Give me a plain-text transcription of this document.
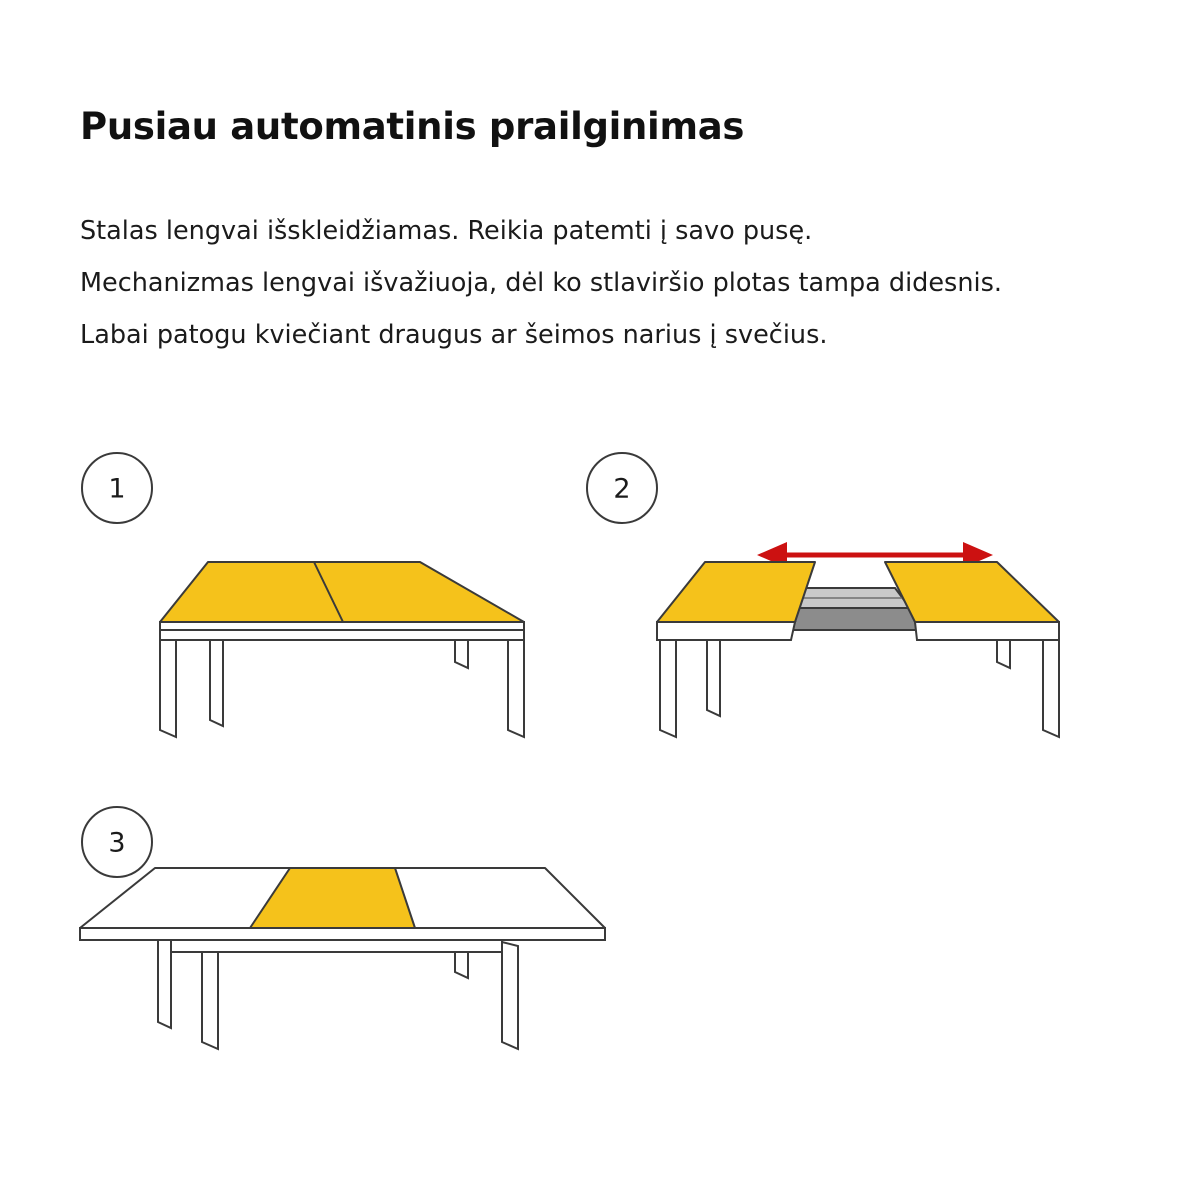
Pusiau automatinis prailginimas
Stalas lengvai išskleidžiamas. Reikia patemti į savo pusę.
Mechanizmas lengvai išvažiuoja, dėl ko stlaviršio plotas tampa didesnis.
Labai patogu kviečiant draugus ar šeimos narius į svečius.
1	2
3
